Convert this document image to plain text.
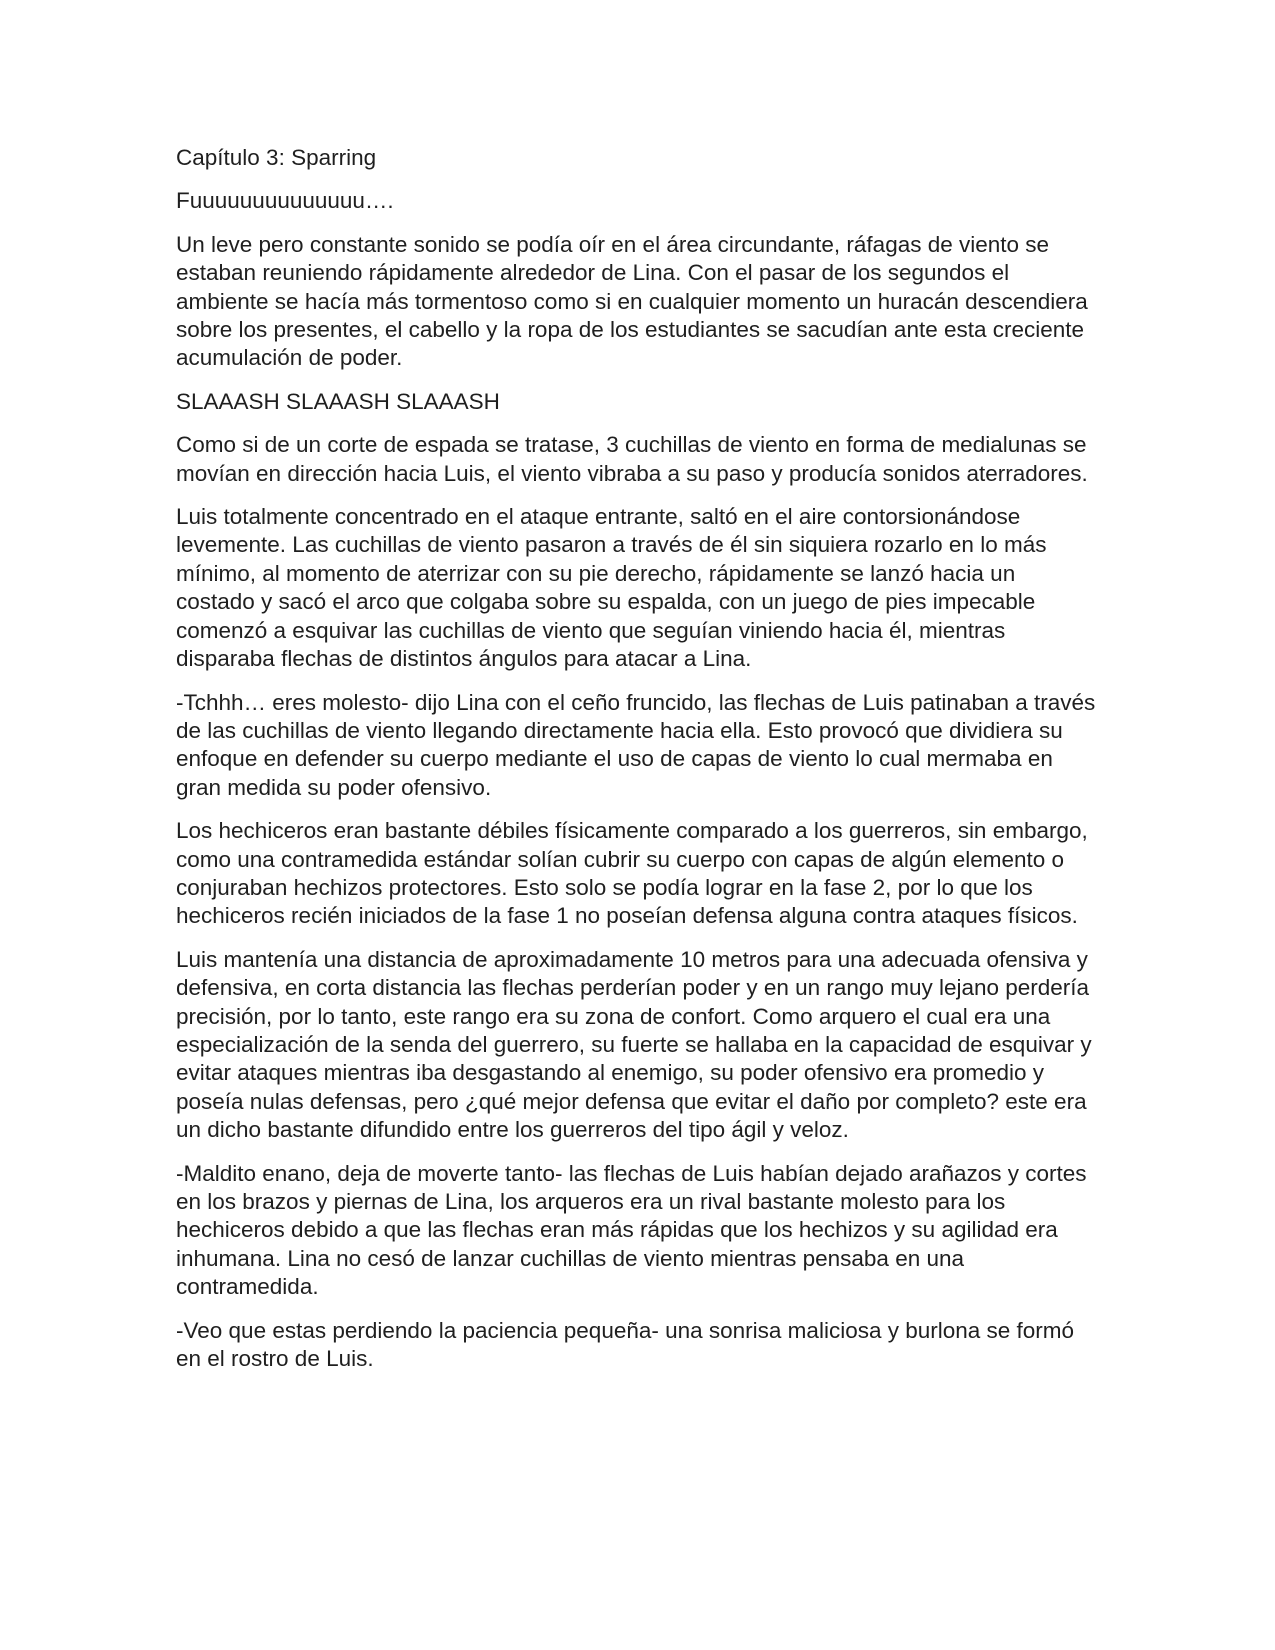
Capítulo 3: Sparring

Fuuuuuuuuuuuuuu….

Un leve pero constante sonido se podía oír en el área circundante, ráfagas de viento se estaban reuniendo rápidamente alrededor de Lina. Con el pasar de los segundos el ambiente se hacía más tormentoso como si en cualquier momento un huracán descendiera sobre los presentes, el cabello y la ropa de los estudiantes se sacudían ante esta creciente acumulación de poder.

SLAAASH SLAAASH SLAAASH

Como si de un corte de espada se tratase, 3 cuchillas de viento en forma de medialunas se movían en dirección hacia Luis, el viento vibraba a su paso y producía sonidos aterradores.

Luis totalmente concentrado en el ataque entrante, saltó en el aire contorsionándose levemente. Las cuchillas de viento pasaron a través de él sin siquiera rozarlo en lo más mínimo, al momento de aterrizar con su pie derecho, rápidamente se lanzó hacia un costado y sacó el arco que colgaba sobre su espalda, con un juego de pies impecable comenzó a esquivar las cuchillas de viento que seguían viniendo hacia él, mientras disparaba flechas de distintos ángulos para atacar a Lina.

-Tchhh… eres molesto- dijo Lina con el ceño fruncido, las flechas de Luis patinaban a través de las cuchillas de viento llegando directamente hacia ella. Esto provocó que dividiera su enfoque en defender su cuerpo mediante el uso de capas de viento lo cual mermaba en gran medida su poder ofensivo.

Los hechiceros eran bastante débiles físicamente comparado a los guerreros, sin embargo, como una contramedida estándar solían cubrir su cuerpo con capas de algún elemento o conjuraban hechizos protectores. Esto solo se podía lograr en la fase 2, por lo que los hechiceros recién iniciados de la fase 1 no poseían defensa alguna contra ataques físicos.

Luis mantenía una distancia de aproximadamente 10 metros para una adecuada ofensiva y defensiva, en corta distancia las flechas perderían poder y en un rango muy lejano perdería precisión, por lo tanto, este rango era su zona de confort. Como arquero el cual era una especialización de la senda del guerrero, su fuerte se hallaba en la capacidad de esquivar y evitar ataques mientras iba desgastando al enemigo, su poder ofensivo era promedio y poseía nulas defensas, pero ¿qué mejor defensa que evitar el daño por completo? este era un dicho bastante difundido entre los guerreros del tipo ágil y veloz.

-Maldito enano, deja de moverte tanto- las flechas de Luis habían dejado arañazos y cortes en los brazos y piernas de Lina, los arqueros era un rival bastante molesto para los hechiceros debido a que las flechas eran más rápidas que los hechizos y su agilidad era inhumana. Lina no cesó de lanzar cuchillas de viento mientras pensaba en una contramedida.

-Veo que estas perdiendo la paciencia pequeña- una sonrisa maliciosa y burlona se formó en el rostro de Luis.
